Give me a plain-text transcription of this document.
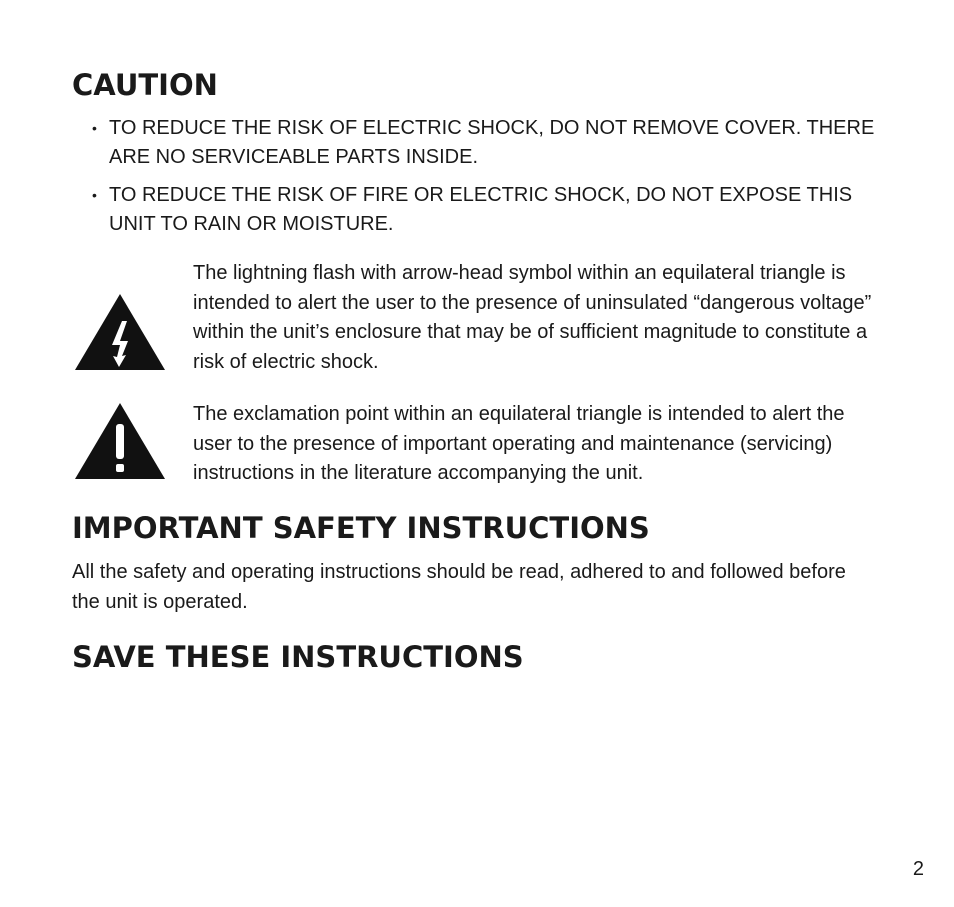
CAUTION
• TO REDUCE THE RISK OF ELECTRIC SHOCK, DO NOT REMOVE COVER. THERE ARE NO SERVICEABLE PARTS INSIDE.
• TO REDUCE THE RISK OF FIRE OR ELECTRIC SHOCK, DO NOT EXPOSE THIS UNIT TO RAIN OR MOISTURE.
The lightning flash with arrow-head symbol within an equilateral triangle is intended to alert the user to the presence of uninsulated “dangerous voltage” within the unit’s enclosure that may be of sufficient magnitude to constitute a risk of electric shock.
The exclamation point within an equilateral triangle is intended to alert the user to the presence of important operating and maintenance (servicing) instructions in the literature accompanying the unit.
IMPORTANT SAFETY INSTRUCTIONS
All the safety and operating instructions should be read, adhered to and followed before the unit is operated.
SAVE THESE INSTRUCTIONS
2
